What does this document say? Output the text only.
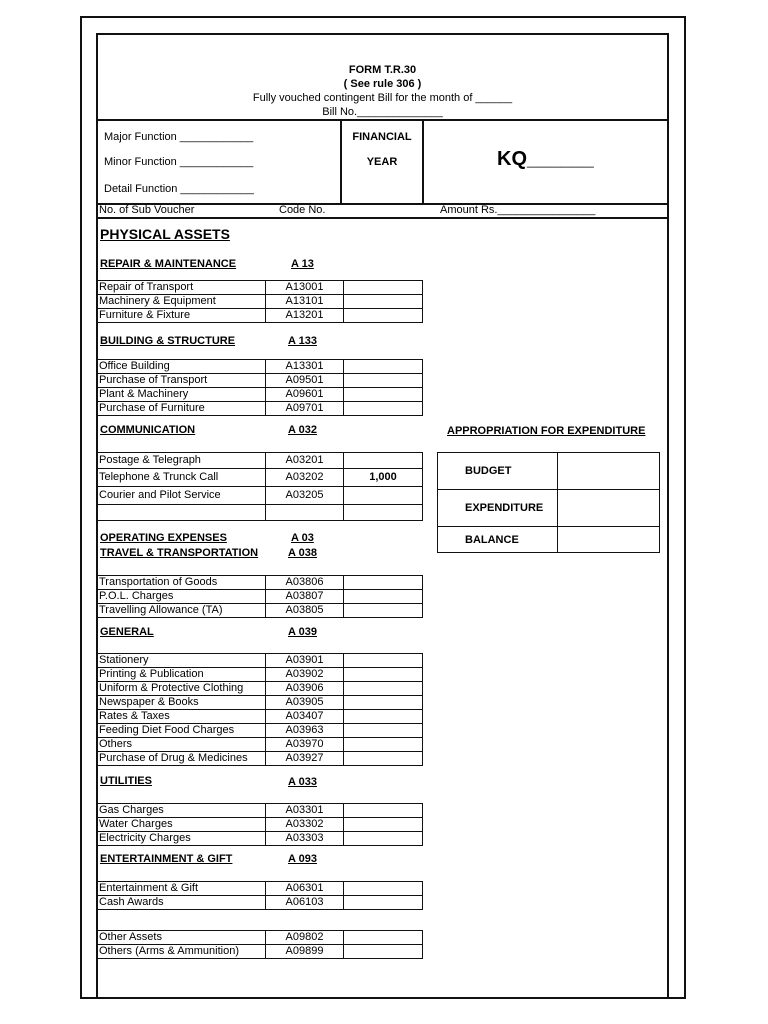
FORM T.R.30
( See rule 306 )
Fully vouched contingent Bill for the month of ______
Bill No.______________
Major Function ____________
Minor Function ____________
Detail Function ____________
FINANCIAL
YEAR	KQ______
No. of Sub Voucher	Code No.	Amount Rs.________________
PHYSICAL ASSETS
REPAIR & MAINTENANCE	A 13
BUILDING & STRUCTURE	A 133
COMMUNICATION	A 032
OPERATING EXPENSES	A 03
TRAVEL & TRANSPORTATION	A 038
GENERAL	A 039
UTILITIES	A 033
ENTERTAINMENT & GIFT	A 093
Repair of Transport	A13001	
Machinery & Equipment	A13101	
Furniture & Fixture	A13201	
Office Building	A13301	
Purchase of Transport	A09501	
Plant & Machinery	A09601	
Purchase of Furniture	A09701	
Postage & Telegraph	A03201	
Telephone & Trunck Call	A03202	1,000
Courier and Pilot Service	A03205	

Transportation of Goods	A03806	
P.O.L. Charges	A03807	
Travelling Allowance (TA)	A03805	
Stationery	A03901	
Printing & Publication	A03902	
Uniform & Protective Clothing	A03906	
Newspaper & Books	A03905	
Rates & Taxes	A03407	
Feeding Diet Food Charges	A03963	
Others	A03970	
Purchase of Drug & Medicines	A03927	
Gas Charges	A03301	
Water Charges	A03302	
Electricity Charges	A03303	
Entertainment & Gift	A06301	
Cash Awards	A06103	
Other Assets	A09802	
Others (Arms & Ammunition)	A09899	
APPROPRIATION FOR EXPENDITURE
BUDGET	
EXPENDITURE	
BALANCE	
